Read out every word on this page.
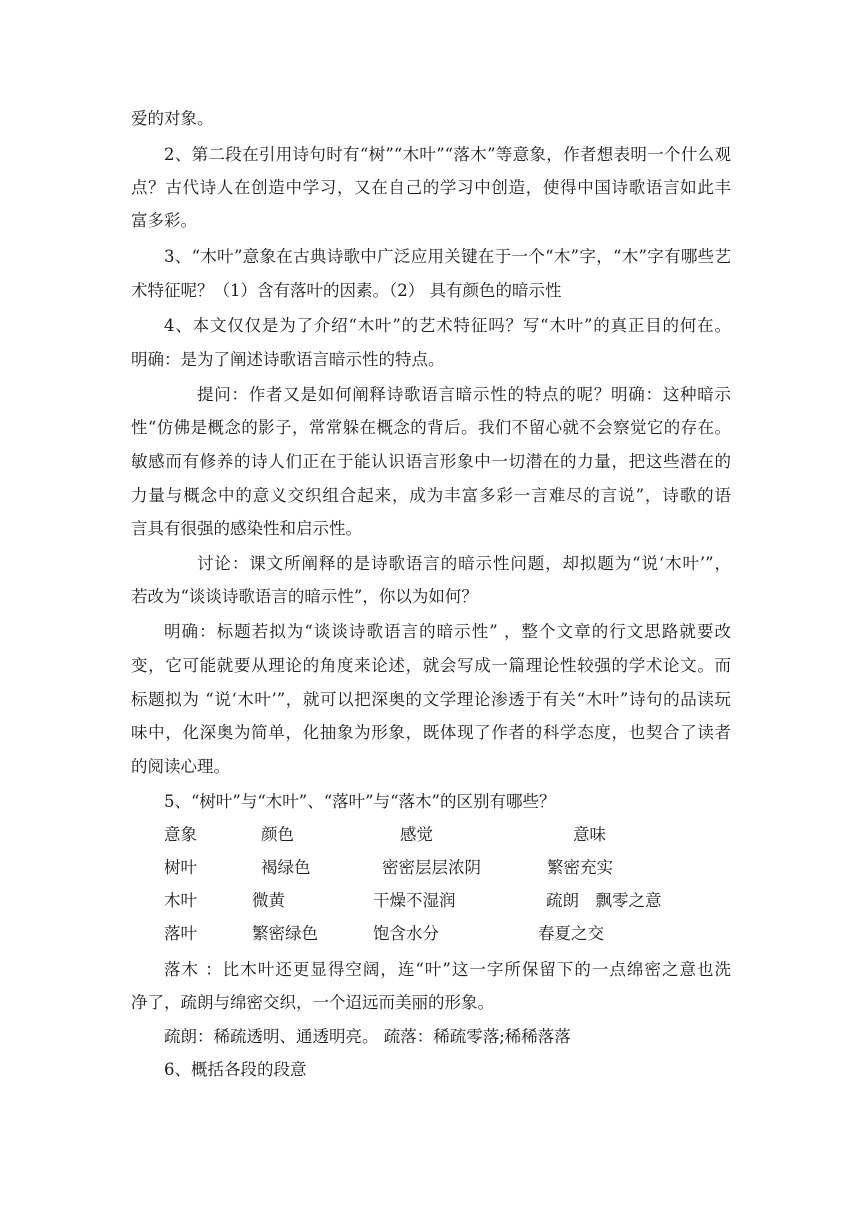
爱的对象。
2、第二段在引用诗句时有“树”“木叶”“落木”等意象，作者想表明一个什么观
点？古代诗人在创造中学习，又在自己的学习中创造，使得中国诗歌语言如此丰
富多彩。
3、“木叶”意象在古典诗歌中广泛应用关键在于一个“木”字，“木”字有哪些艺
术特征呢？（1）含有落叶的因素。（2） 具有颜色的暗示性
4、本文仅仅是为了介绍“木叶”的艺术特征吗？写“木叶”的真正目的何在。
明确：是为了阐述诗歌语言暗示性的特点。
提问：作者又是如何阐释诗歌语言暗示性的特点的呢？明确：这种暗示
性“仿佛是概念的影子，常常躲在概念的背后。我们不留心就不会察觉它的存在。
敏感而有修养的诗人们正在于能认识语言形象中一切潜在的力量，把这些潜在的
力量与概念中的意义交织组合起来，成为丰富多彩一言难尽的言说”，诗歌的语
言具有很强的感染性和启示性。
讨论：课文所阐释的是诗歌语言的暗示性问题，却拟题为“说‘木叶’”，
若改为“谈谈诗歌语言的暗示性”，你以为如何？
明确：标题若拟为“谈谈诗歌语言的暗示性” ，整个文章的行文思路就要改
变，它可能就要从理论的角度来论述，就会写成一篇理论性较强的学术论文。而
标题拟为 “说‘木叶’”，就可以把深奥的文学理论渗透于有关“木叶”诗句的品读玩
味中，化深奥为简单，化抽象为形象，既体现了作者的科学态度，也契合了读者
的阅读心理。
5、“树叶”与“木叶”、“落叶”与“落木”的区别有哪些？
意象	颜色	感觉	意味
树叶	褐绿色	密密层层浓阴	繁密充实
木叶	微黄	干燥不湿润	疏朗　飘零之意
落叶	繁密绿色	饱含水分	春夏之交
落木 ：比木叶还更显得空阔，连“叶”这一字所保留下的一点绵密之意也洗
净了，疏朗与绵密交织，一个迢远而美丽的形象。
疏朗：稀疏透明、通透明亮。 疏落：稀疏零落;稀稀落落
6、概括各段的段意
